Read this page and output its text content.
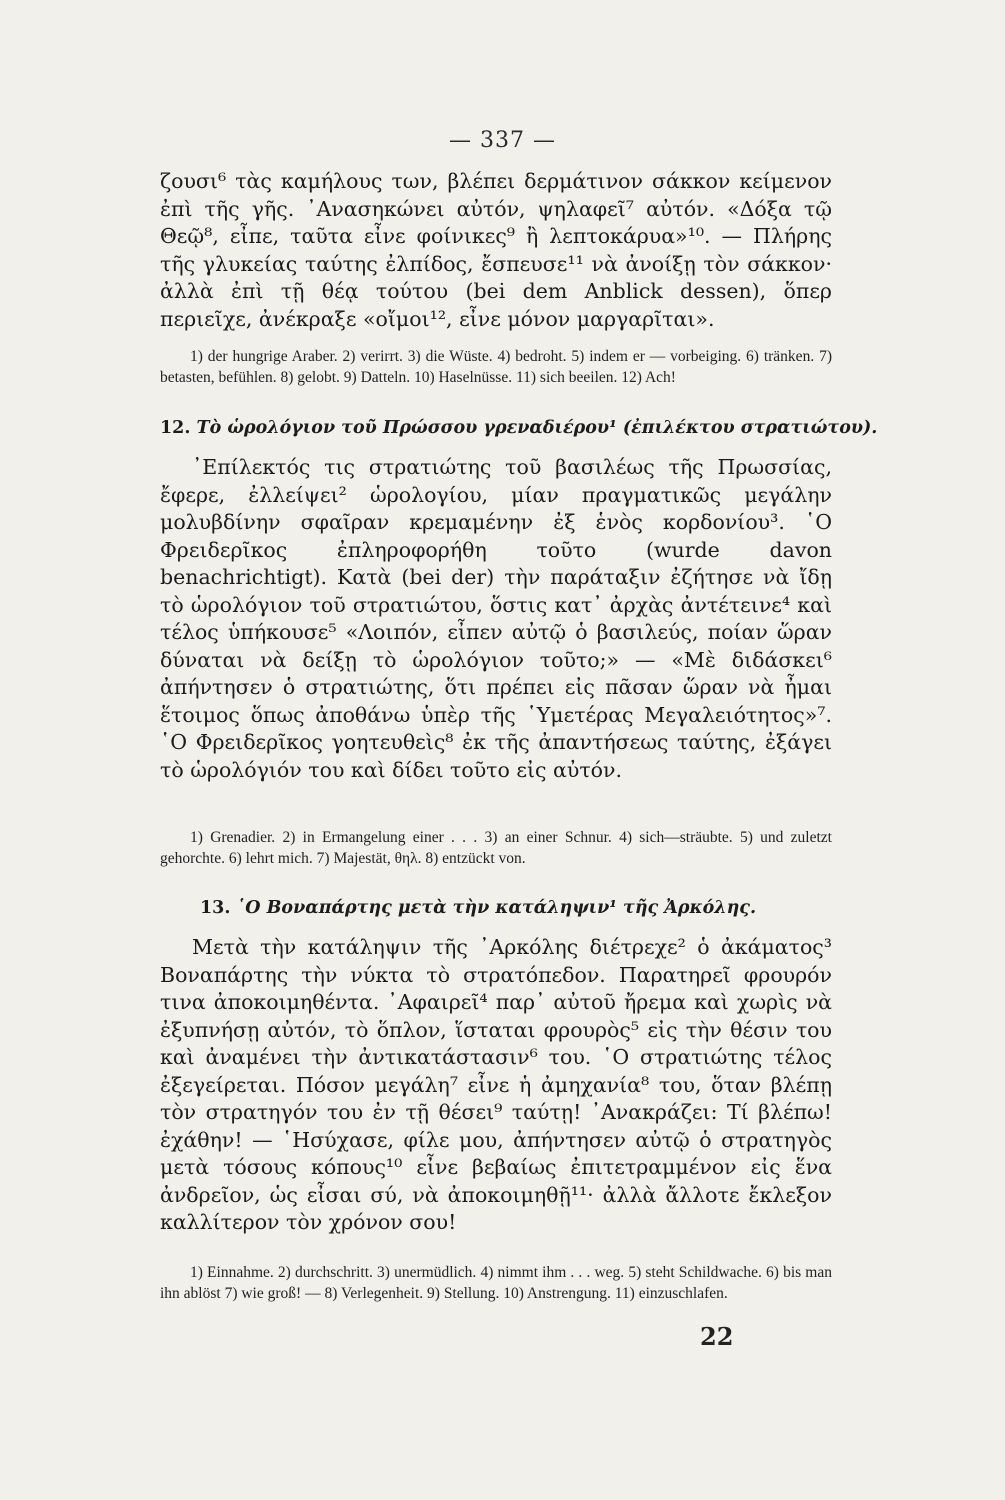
— 337 —

ζουσι⁶ τὰς καμήλους των, βλέπει δερμάτινον σάκκον κείμενον ἐπὶ τῆς γῆς. ᾿Ανασηκώνει αὐτόν, ψηλαφεῖ⁷ αὐτόν. «Δόξα τῷ Θεῷ⁸, εἶπε, ταῦτα εἶνε φοίνικες⁹ ἢ λεπτοκάρυα»¹⁰. — Πλήρης τῆς γλυκείας ταύτης ἐλπίδος, ἔσπευσε¹¹ νὰ ἀνοίξῃ τὸν σάκκον· ἀλλὰ ἐπὶ τῇ θέᾳ τούτου (bei dem Anblick dessen), ὅπερ περιεῖχε, ἀνέκραξε «οἴμοι¹², εἶνε μόνον μαργαρῖται».

1) der hungrige Araber. 2) verirrt. 3) die Wüste. 4) bedroht. 5) indem er — vorbeiging. 6) tränken. 7) betasten, befühlen. 8) gelobt. 9) Datteln. 10) Haselnüsse. 11) sich beeilen. 12) Ach!

12. Τὸ ὡρολόγιον τοῦ Πρώσσου γρεναδιέρου¹ (ἐπιλέκτου στρατιώτου).

᾿Επίλεκτός τις στρατιώτης τοῦ βασιλέως τῆς Πρωσσίας, ἔφερε, ἐλλείψει² ὡρολογίου, μίαν πραγματικῶς μεγάλην μολυβδίνην σφαῖραν κρεμαμένην ἐξ ἑνὸς κορδονίου³. ῾Ο Φρειδερῖκος ἐπληροφορήθη τοῦτο (wurde davon benachrichtigt). Κατὰ (bei der) τὴν παράταξιν ἐζήτησε νὰ ἴδῃ τὸ ὡρολόγιον τοῦ στρατιώτου, ὅστις κατ᾿ ἀρχὰς ἀντέτεινε⁴ καὶ τέλος ὑπήκουσε⁵ «Λοιπόν, εἶπεν αὐτῷ ὁ βασιλεύς, ποίαν ὥραν δύναται νὰ δείξῃ τὸ ὡρολόγιον τοῦτο;» — «Μὲ διδάσκει⁶ ἀπήντησεν ὁ στρατιώτης, ὅτι πρέπει εἰς πᾶσαν ὥραν νὰ ἦμαι ἕτοιμος ὅπως ἀποθάνω ὑπὲρ τῆς ῾Υμετέρας Μεγαλειότητος»⁷. ῾Ο Φρειδερῖκος γοητευθεὶς⁸ ἐκ τῆς ἀπαντήσεως ταύτης, ἐξάγει τὸ ὡρολόγιόν του καὶ δίδει τοῦτο εἰς αὐτόν.

1) Grenadier. 2) in Ermangelung einer . . . 3) an einer Schnur. 4) sich—sträubte. 5) und zuletzt gehorchte. 6) lehrt mich. 7) Majestät, θηλ. 8) entzückt von.

13. ῾Ο Βοναπάρτης μετὰ τὴν κατάληψιν¹ τῆς Ἀρκόλης.

Μετὰ τὴν κατάληψιν τῆς ᾿Αρκόλης διέτρεχε² ὁ ἀκάματος³ Βοναπάρτης τὴν νύκτα τὸ στρατόπεδον. Παρατηρεῖ φρουρόν τινα ἀποκοιμηθέντα. ᾿Αφαιρεῖ⁴ παρ᾿ αὐτοῦ ἤρεμα καὶ χωρὶς νὰ ἐξυπνήσῃ αὐτόν, τὸ ὅπλον, ἵσταται φρουρὸς⁵ εἰς τὴν θέσιν του καὶ ἀναμένει τὴν ἀντικατάστασιν⁶ του. ῾Ο στρατιώτης τέλος ἐξεγείρεται. Πόσον μεγάλη⁷ εἶνε ἡ ἀμηχανία⁸ του, ὅταν βλέπῃ τὸν στρατηγόν του ἐν τῇ θέσει⁹ ταύτῃ! ᾿Ανακράζει: Τί βλέπω! ἐχάθην! — ῾Ησύχασε, φίλε μου, ἀπήντησεν αὐτῷ ὁ στρατηγὸς μετὰ τόσους κόπους¹⁰ εἶνε βεβαίως ἐπιτετραμμένον εἰς ἕνα ἀνδρεῖον, ὡς εἶσαι σύ, νὰ ἀποκοιμηθῇ¹¹· ἀλλὰ ἄλλοτε ἔκλεξον καλλίτερον τὸν χρόνον σου!

1) Einnahme. 2) durchschritt. 3) unermüdlich. 4) nimmt ihm . . . weg. 5) steht Schildwache. 6) bis man ihn ablöst 7) wie groß! — 8) Verlegenheit. 9) Stellung. 10) Anstrengung. 11) einzuschlafen.

22
